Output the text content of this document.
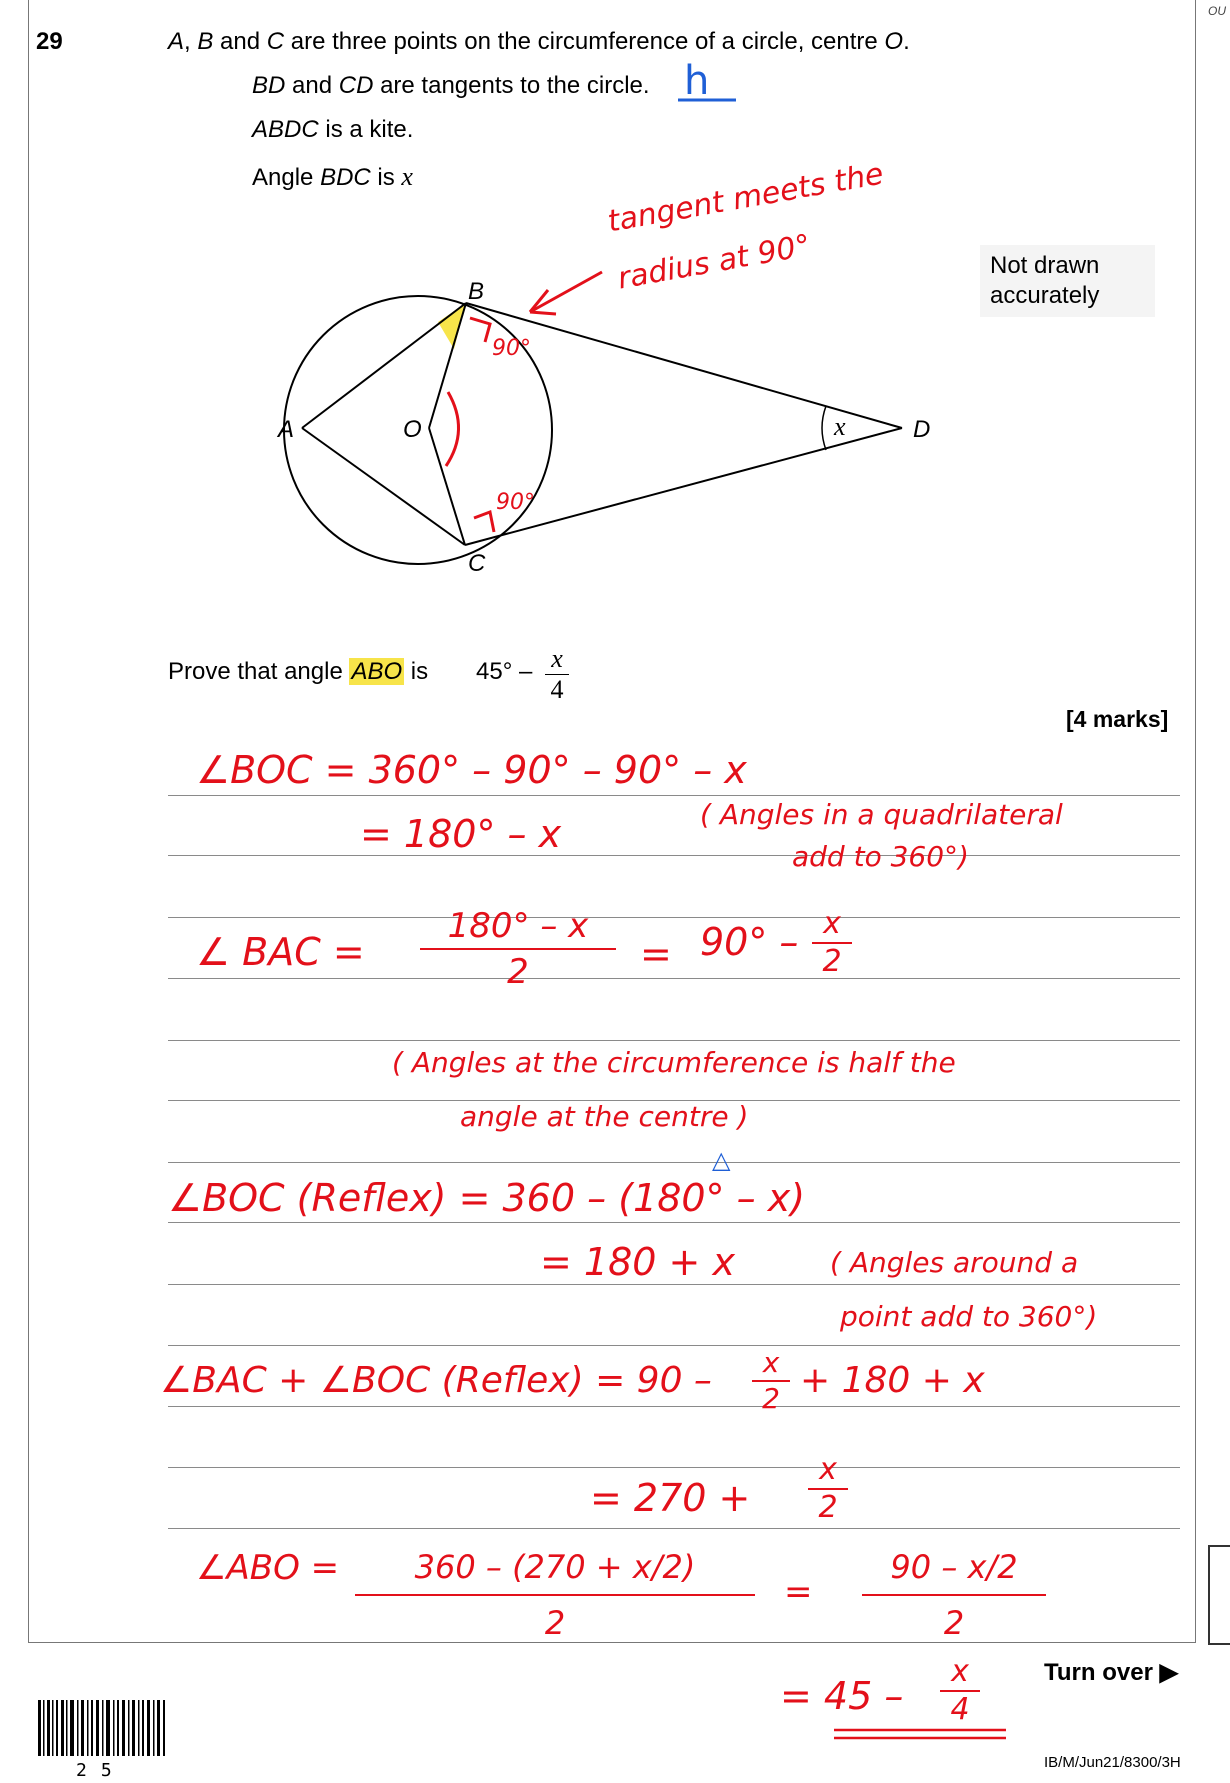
OU
29	A, B and C are three points on the circumference of a circle, centre O.
BD and CD are tangents to the circle.
ABDC is a kite.
Angle BDC is x
h
Not drawn
accurately
B
A	O
C
D
x
tangent meets the
radius at 90°
90°
90°
Prove that angle ABO is $45^\circ - \frac{x}{4}$
[4 marks]
∠BOC = 360° – 90° – 90° – x
= 180° – x	( Angles in a quadrilateral
add to 360°)
∠ BAC = $\frac{180^\circ - x}{2} = 90^\circ - \frac{x}{2}$
( Angles at the circumference is half the
angle at the centre )
△
∠BOC (Reflex) = 360 – (180° – x)
= 180 + x	( Angles around a
point add to 360°)
∠BAC + ∠BOC (Reflex) = $90 - \frac{x}{2} + 180 + x$
= $270 + \frac{x}{2}$
∠ABO = $\frac{360 - (270 + x/2)}{2}$ =
90 – x/2
2
= $45 - \frac{x}{4}$	Turn over ▶
IB/M/Jun21/8300/3H
25
